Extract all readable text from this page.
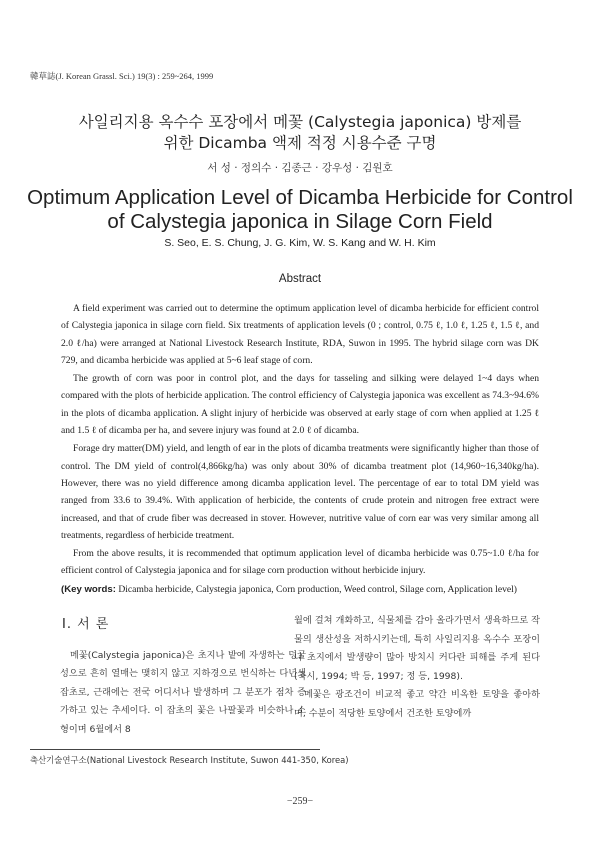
韓草誌(J. Korean Grassl. Sci.) 19(3) : 259~264, 1999
사일리지용 옥수수 포장에서 메꽃 (Calystegia japonica) 방제를
위한 Dicamba 액제 적정 시용수준 구명
서 성 · 정의수 · 김종근 · 강우성 · 김원호
Optimum Application Level of Dicamba Herbicide for Control
of Calystegia japonica in Silage Corn Field
S. Seo, E. S. Chung, J. G. Kim, W. S. Kang and W. H. Kim
Abstract

A field experiment was carried out to determine the optimum application level of dicamba herbicide for efficient control of Calystegia japonica in silage corn field. Six treatments of application levels (0 ; control, 0.75 ℓ, 1.0 ℓ, 1.25 ℓ, 1.5 ℓ, and 2.0 ℓ/ha) were arranged at National Livestock Research Institute, RDA, Suwon in 1995. The hybrid silage corn was DK 729, and dicamba herbicide was applied at 5~6 leaf stage of corn.

The growth of corn was poor in control plot, and the days for tasseling and silking were delayed 1~4 days when compared with the plots of herbicide application. The control efficiency of Calystegia japonica was excellent as 74.3~94.6% in the plots of dicamba application. A slight injury of herbicide was observed at early stage of corn when applied at 1.25 ℓ and 1.5 ℓ of dicamba per ha, and severe injury was found at 2.0 ℓ of dicamba.

Forage dry matter(DM) yield, and length of ear in the plots of dicamba treatments were significantly higher than those of control. The DM yield of control(4,866kg/ha) was only about 30% of dicamba treatment plot (14,960~16,340kg/ha). However, there was no yield difference among dicamba application level. The percentage of ear to total DM yield was ranged from 33.6 to 39.4%. With application of herbicide, the contents of crude protein and nitrogen free extract were increased, and that of crude fiber was decreased in stover. However, nutritive value of corn ear was very similar among all treatments, regardless of herbicide treatment.

From the above results, it is recommended that optimum application level of dicamba herbicide was 0.75~1.0 ℓ/ha for efficient control of Calystegia japonica and for silage corn production without herbicide injury.

(Key words: Dicamba herbicide, Calystegia japonica, Corn production, Weed control, Silage corn, Application level)

Ⅰ. 서 론

메꽃(Calystegia japonica)은 초지나 밭에 자생하는 덩굴성으로 흔히 열매는 맺히지 않고 지하경으로 번식하는 다년생 잡초로, 근래에는 전국 어디서나 발생하며 그 분포가 점차 증가하고 있는 추세이다. 이 잡초의 꽃은 나팔꽃과 비슷하나 소형이며 6월에서 8

월에 걸쳐 개화하고, 식물체를 감아 올라가면서 생육하므로 작물의 생산성을 저하시키는데, 특히 사일리지용 옥수수 포장이나 초지에서 발생량이 많아 방치시 커다란 피해를 주게 된다(축시, 1994; 박 등, 1997; 정 등, 1998).

메꽃은 광조건이 비교적 좋고 약간 비옥한 토양을 좋아하며, 수분이 적당한 토양에서 건조한 토양에까

축산기술연구소(National Livestock Research Institute, Suwon 441-350, Korea)
−259−
